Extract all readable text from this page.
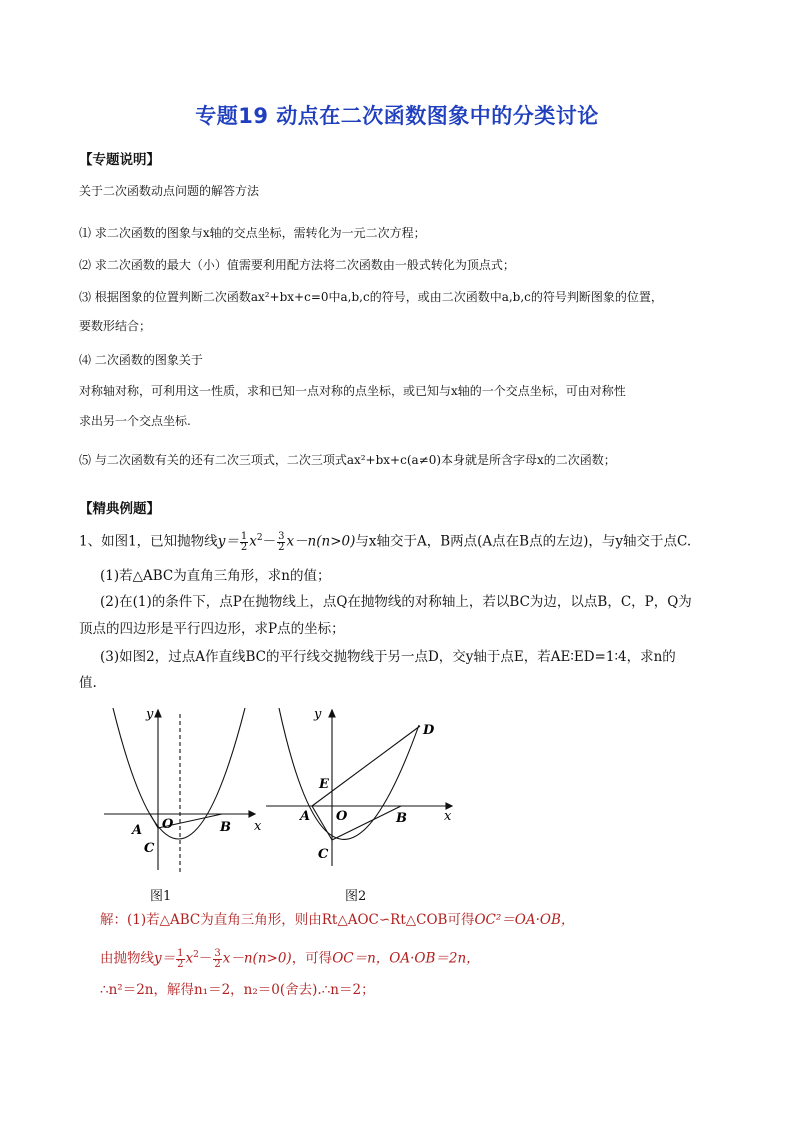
专题19 动点在二次函数图象中的分类讨论
【专题说明】
关于二次函数动点问题的解答方法
⑴ 求二次函数的图象与x轴的交点坐标，需转化为一元二次方程；
⑵ 求二次函数的最大（小）值需要利用配方法将二次函数由一般式转化为顶点式；
⑶ 根据图象的位置判断二次函数ax²+bx+c=0中a,b,c的符号，或由二次函数中a,b,c的符号判断图象的位置，
要数形结合；
⑷ 二次函数的图象关于
对称轴对称，可利用这一性质，求和已知一点对称的点坐标，或已知与x轴的一个交点坐标，可由对称性
求出另一个交点坐标.
⑸ 与二次函数有关的还有二次三项式，二次三项式ax²+bx+c(a≠0)本身就是所含字母x的二次函数；
【精典例题】
1、如图1，已知抛物线$y= \frac{1}{2} x^2- \frac{3}{2} x-n(n>0)$与x轴交于A，B两点(A点在B点的左边)，与y轴交于点C.
(1)若△ABC为直角三角形，求n的值；
(2)在(1)的条件下，点P在抛物线上，点Q在抛物线的对称轴上，若以BC为边，以点B，C，P，Q为
顶点的四边形是平行四边形，求P点的坐标；
(3)如图2，过点A作直线BC的平行线交抛物线于另一点D，交y轴于点E，若AE∶ED=1∶4，求n的
值.
y
x
A O	B
C
图1
y
x
D
E
A O	B
C
图2
解：(1)若△ABC为直角三角形，则由Rt△AOC∽Rt△COB可得OC²＝OA·OB，
由抛物线$y= \frac{1}{2} x^2- \frac{3}{2} x-n(n>0)$，可得OC＝n，OA·OB＝2n，
∴n²＝2n，解得n₁＝2，n₂＝0(舍去).∴n＝2；
